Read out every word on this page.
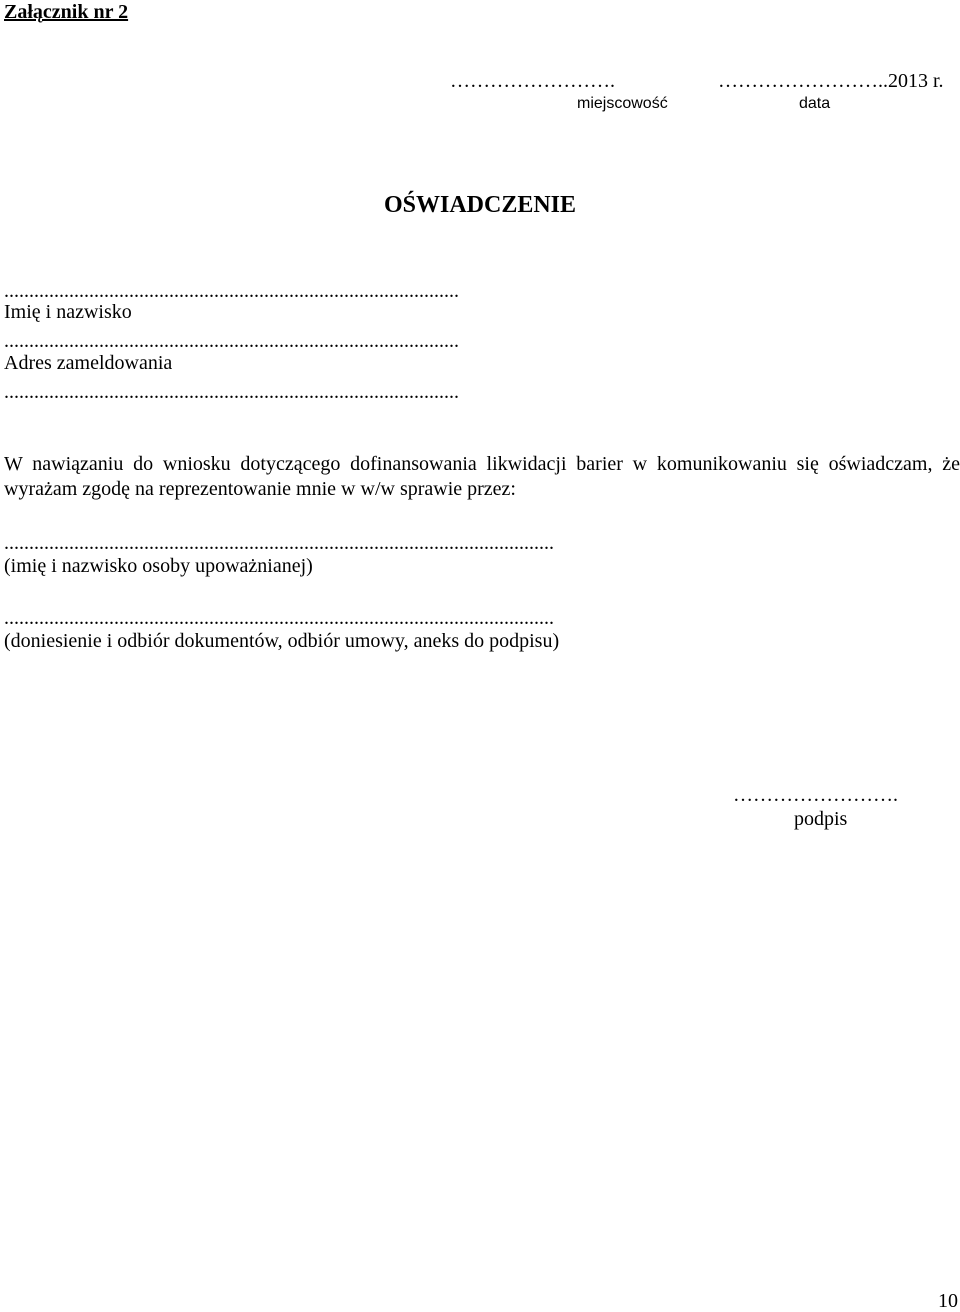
Załącznik nr 2
…………………….	……………………..2013 r.
miejscowość	data
OŚWIADCZENIE
...........................................................................................
Imię i nazwisko
...........................................................................................
Adres zameldowania
...........................................................................................
W nawiązaniu do wniosku dotyczącego dofinansowania likwidacji barier w komunikowaniu się oświadczam, że wyrażam zgodę na reprezentowanie mnie w w/w sprawie przez:
..............................................................................................................
(imię i nazwisko osoby upoważnianej)
..............................................................................................................
(doniesienie i odbiór dokumentów, odbiór umowy, aneks do podpisu)
…………………….
podpis
10
